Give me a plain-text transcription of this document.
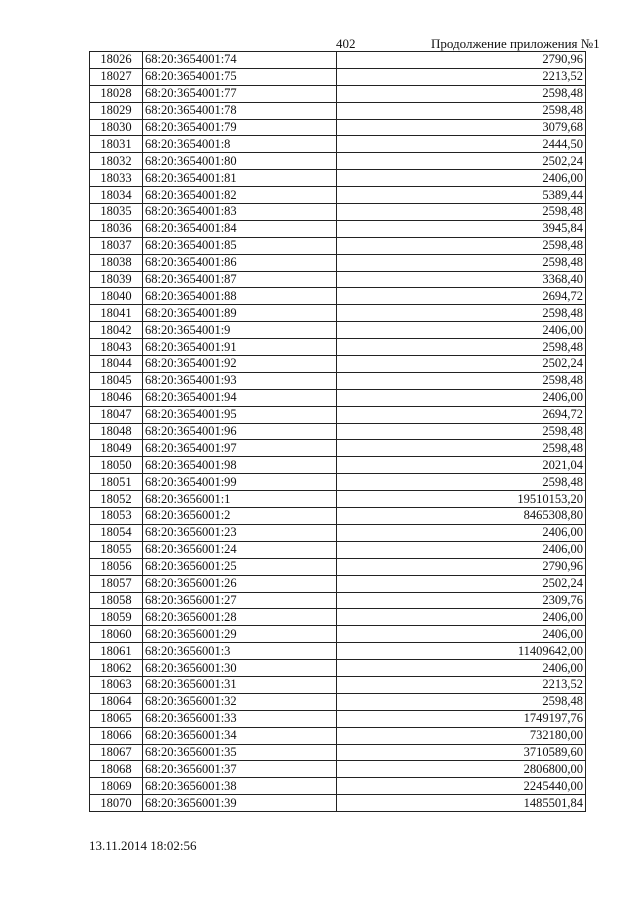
402	Продолжение приложения №1
18026	68:20:3654001:74	2790,96
18027	68:20:3654001:75	2213,52
18028	68:20:3654001:77	2598,48
18029	68:20:3654001:78	2598,48
18030	68:20:3654001:79	3079,68
18031	68:20:3654001:8	2444,50
18032	68:20:3654001:80	2502,24
18033	68:20:3654001:81	2406,00
18034	68:20:3654001:82	5389,44
18035	68:20:3654001:83	2598,48
18036	68:20:3654001:84	3945,84
18037	68:20:3654001:85	2598,48
18038	68:20:3654001:86	2598,48
18039	68:20:3654001:87	3368,40
18040	68:20:3654001:88	2694,72
18041	68:20:3654001:89	2598,48
18042	68:20:3654001:9	2406,00
18043	68:20:3654001:91	2598,48
18044	68:20:3654001:92	2502,24
18045	68:20:3654001:93	2598,48
18046	68:20:3654001:94	2406,00
18047	68:20:3654001:95	2694,72
18048	68:20:3654001:96	2598,48
18049	68:20:3654001:97	2598,48
18050	68:20:3654001:98	2021,04
18051	68:20:3654001:99	2598,48
18052	68:20:3656001:1	19510153,20
18053	68:20:3656001:2	8465308,80
18054	68:20:3656001:23	2406,00
18055	68:20:3656001:24	2406,00
18056	68:20:3656001:25	2790,96
18057	68:20:3656001:26	2502,24
18058	68:20:3656001:27	2309,76
18059	68:20:3656001:28	2406,00
18060	68:20:3656001:29	2406,00
18061	68:20:3656001:3	11409642,00
18062	68:20:3656001:30	2406,00
18063	68:20:3656001:31	2213,52
18064	68:20:3656001:32	2598,48
18065	68:20:3656001:33	1749197,76
18066	68:20:3656001:34	732180,00
18067	68:20:3656001:35	3710589,60
18068	68:20:3656001:37	2806800,00
18069	68:20:3656001:38	2245440,00
18070	68:20:3656001:39	1485501,84
13.11.2014 18:02:56
